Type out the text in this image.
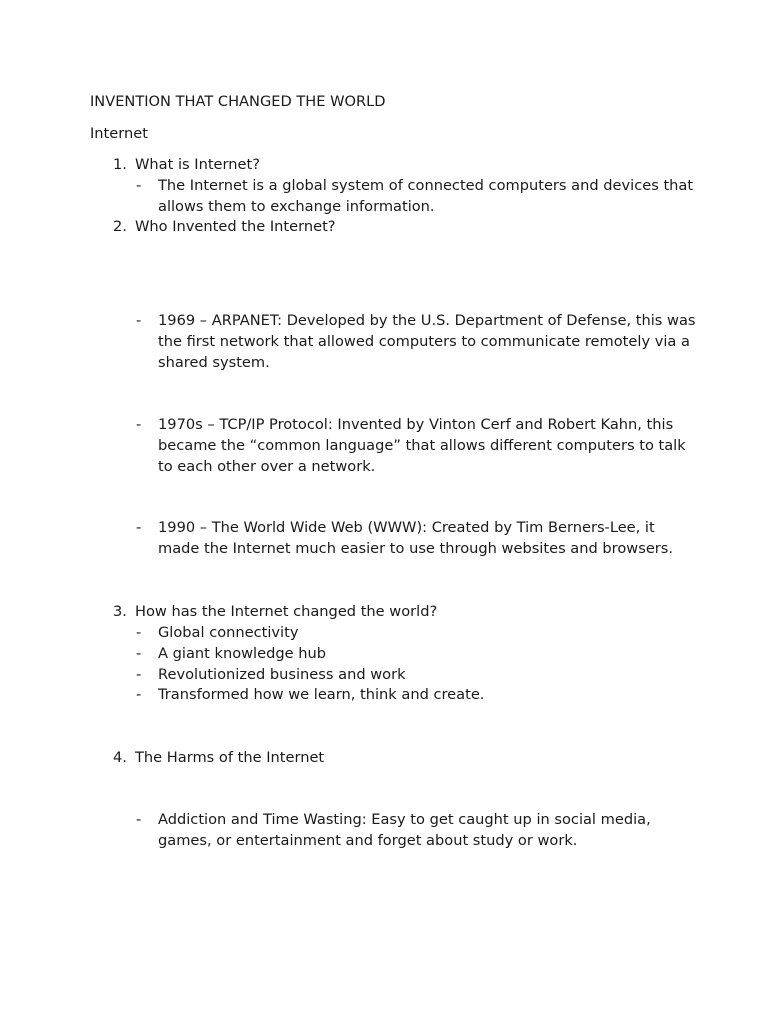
INVENTION THAT CHANGED THE WORLD
Internet
1. What is Internet?
- The Internet is a global system of connected computers and devices that allows them to exchange information.
2. Who Invented the Internet?
- 1969 – ARPANET: Developed by the U.S. Department of Defense, this was the first network that allowed computers to communicate remotely via a shared system.
- 1970s – TCP/IP Protocol: Invented by Vinton Cerf and Robert Kahn, this became the “common language” that allows different computers to talk to each other over a network.
- 1990 – The World Wide Web (WWW): Created by Tim Berners-Lee, it made the Internet much easier to use through websites and browsers.
3. How has the Internet changed the world?
- Global connectivity
- A giant knowledge hub
- Revolutionized business and work
- Transformed how we learn, think and create.
4. The Harms of the Internet
- Addiction and Time Wasting: Easy to get caught up in social media, games, or entertainment and forget about study or work.
